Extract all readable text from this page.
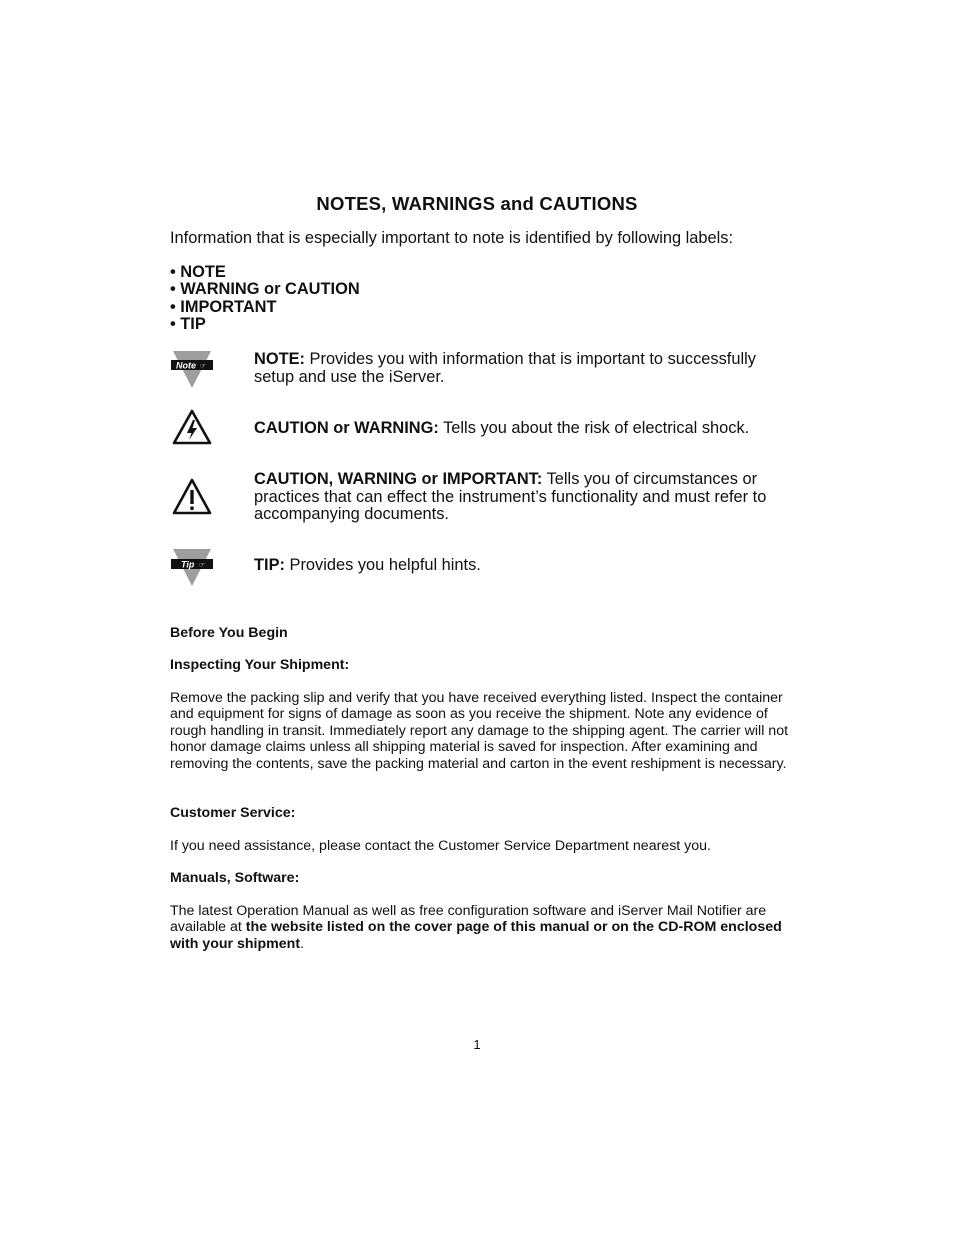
NOTES, WARNINGS and CAUTIONS
Information that is especially important to note is identified by following labels:
• NOTE
• WARNING or CAUTION
• IMPORTANT
• TIP
Note ☞	NOTE: Provides you with information that is important to successfully setup and use the iServer.
CAUTION or WARNING: Tells you about the risk of electrical shock.
CAUTION, WARNING or IMPORTANT: Tells you of circumstances or practices that can effect the instrument’s functionality and must refer to accompanying documents.
Tip ☞	TIP: Provides you helpful hints.
Before You Begin
Inspecting Your Shipment:
Remove the packing slip and verify that you have received everything listed. Inspect the container and equipment for signs of damage as soon as you receive the shipment. Note any evidence of rough handling in transit. Immediately report any damage to the shipping agent. The carrier will not honor damage claims unless all shipping material is saved for inspection. After examining and removing the contents, save the packing material and carton in the event reshipment is necessary.
Customer Service:
If you need assistance, please contact the Customer Service Department nearest you.
Manuals, Software:
The latest Operation Manual as well as free configuration software and iServer Mail Notifier are available at the website listed on the cover page of this manual or on the CD-ROM enclosed with your shipment.
1
